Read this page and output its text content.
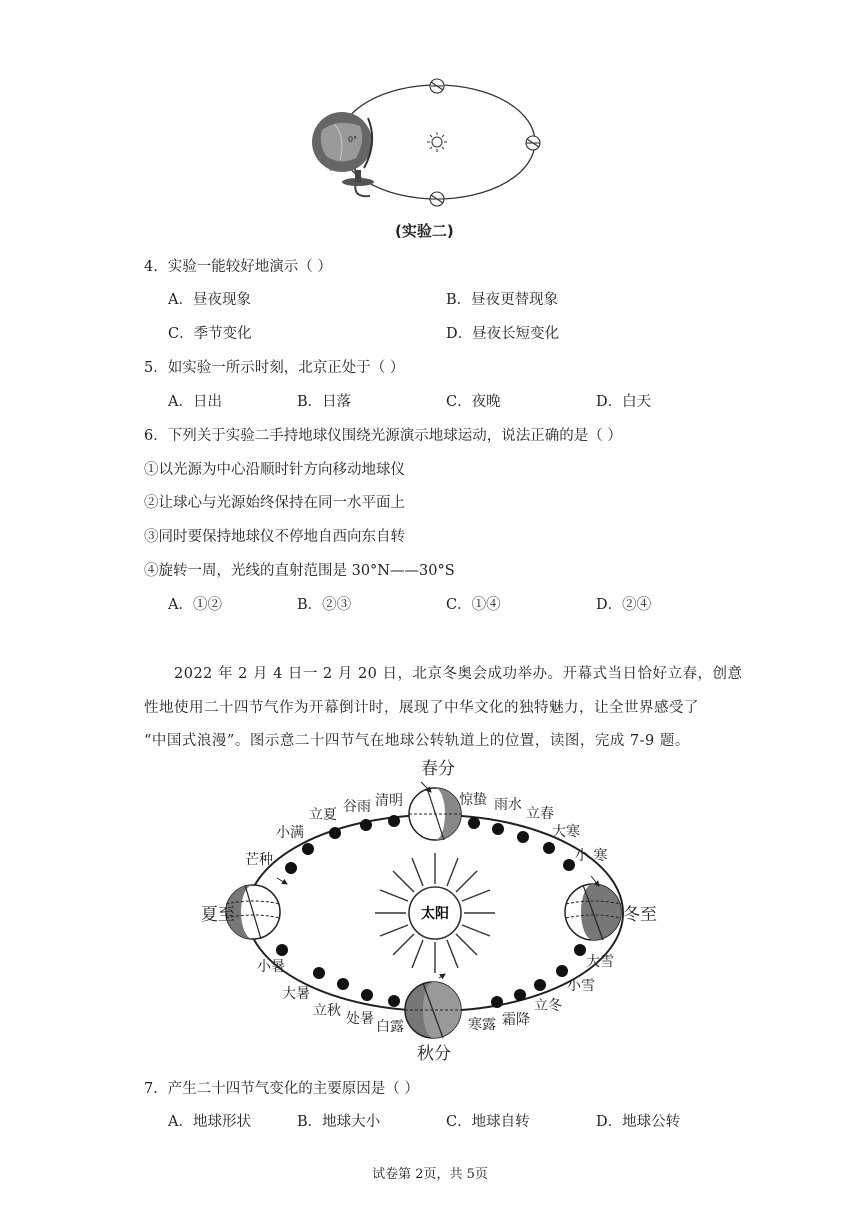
0°
(实验二)
4．实验一能较好地演示（ ）
A．昼夜现象	B．昼夜更替现象
C．季节变化	D．昼夜长短变化
5．如实验一所示时刻，北京正处于（ ）
A．日出	B．日落	C．夜晚	D．白天
6．下列关于实验二手持地球仪围绕光源演示地球运动，说法正确的是（ ）
①以光源为中心沿顺时针方向移动地球仪
②让球心与光源始终保持在同一水平面上
③同时要保持地球仪不停地自西向东自转
④旋转一周，光线的直射范围是 30°N——30°S
A．①②	B．②③	C．①④	D．②④
2022 年 2 月 4 日一 2 月 20 日，北京冬奥会成功举办。开幕式当日恰好立春，创意
性地使用二十四节气作为开幕倒计时，展现了中华文化的独特魅力，让全世界感受了
“中国式浪漫”。图示意二十四节气在地球公转轨道上的位置，读图，完成 7-9 题。
太阳
春分
惊蛰 雨水
立春
大寒
小 寒
冬至
大雪
小雪
立冬
霜降
寒露
秋分
白露
处暑
立秋
大暑
小暑
夏至
芒种
小满
立夏 谷雨 清明
7．产生二十四节气变化的主要原因是（ ）
A．地球形状	B．地球大小	C．地球自转	D．地球公转
试卷第 2页，共 5页
